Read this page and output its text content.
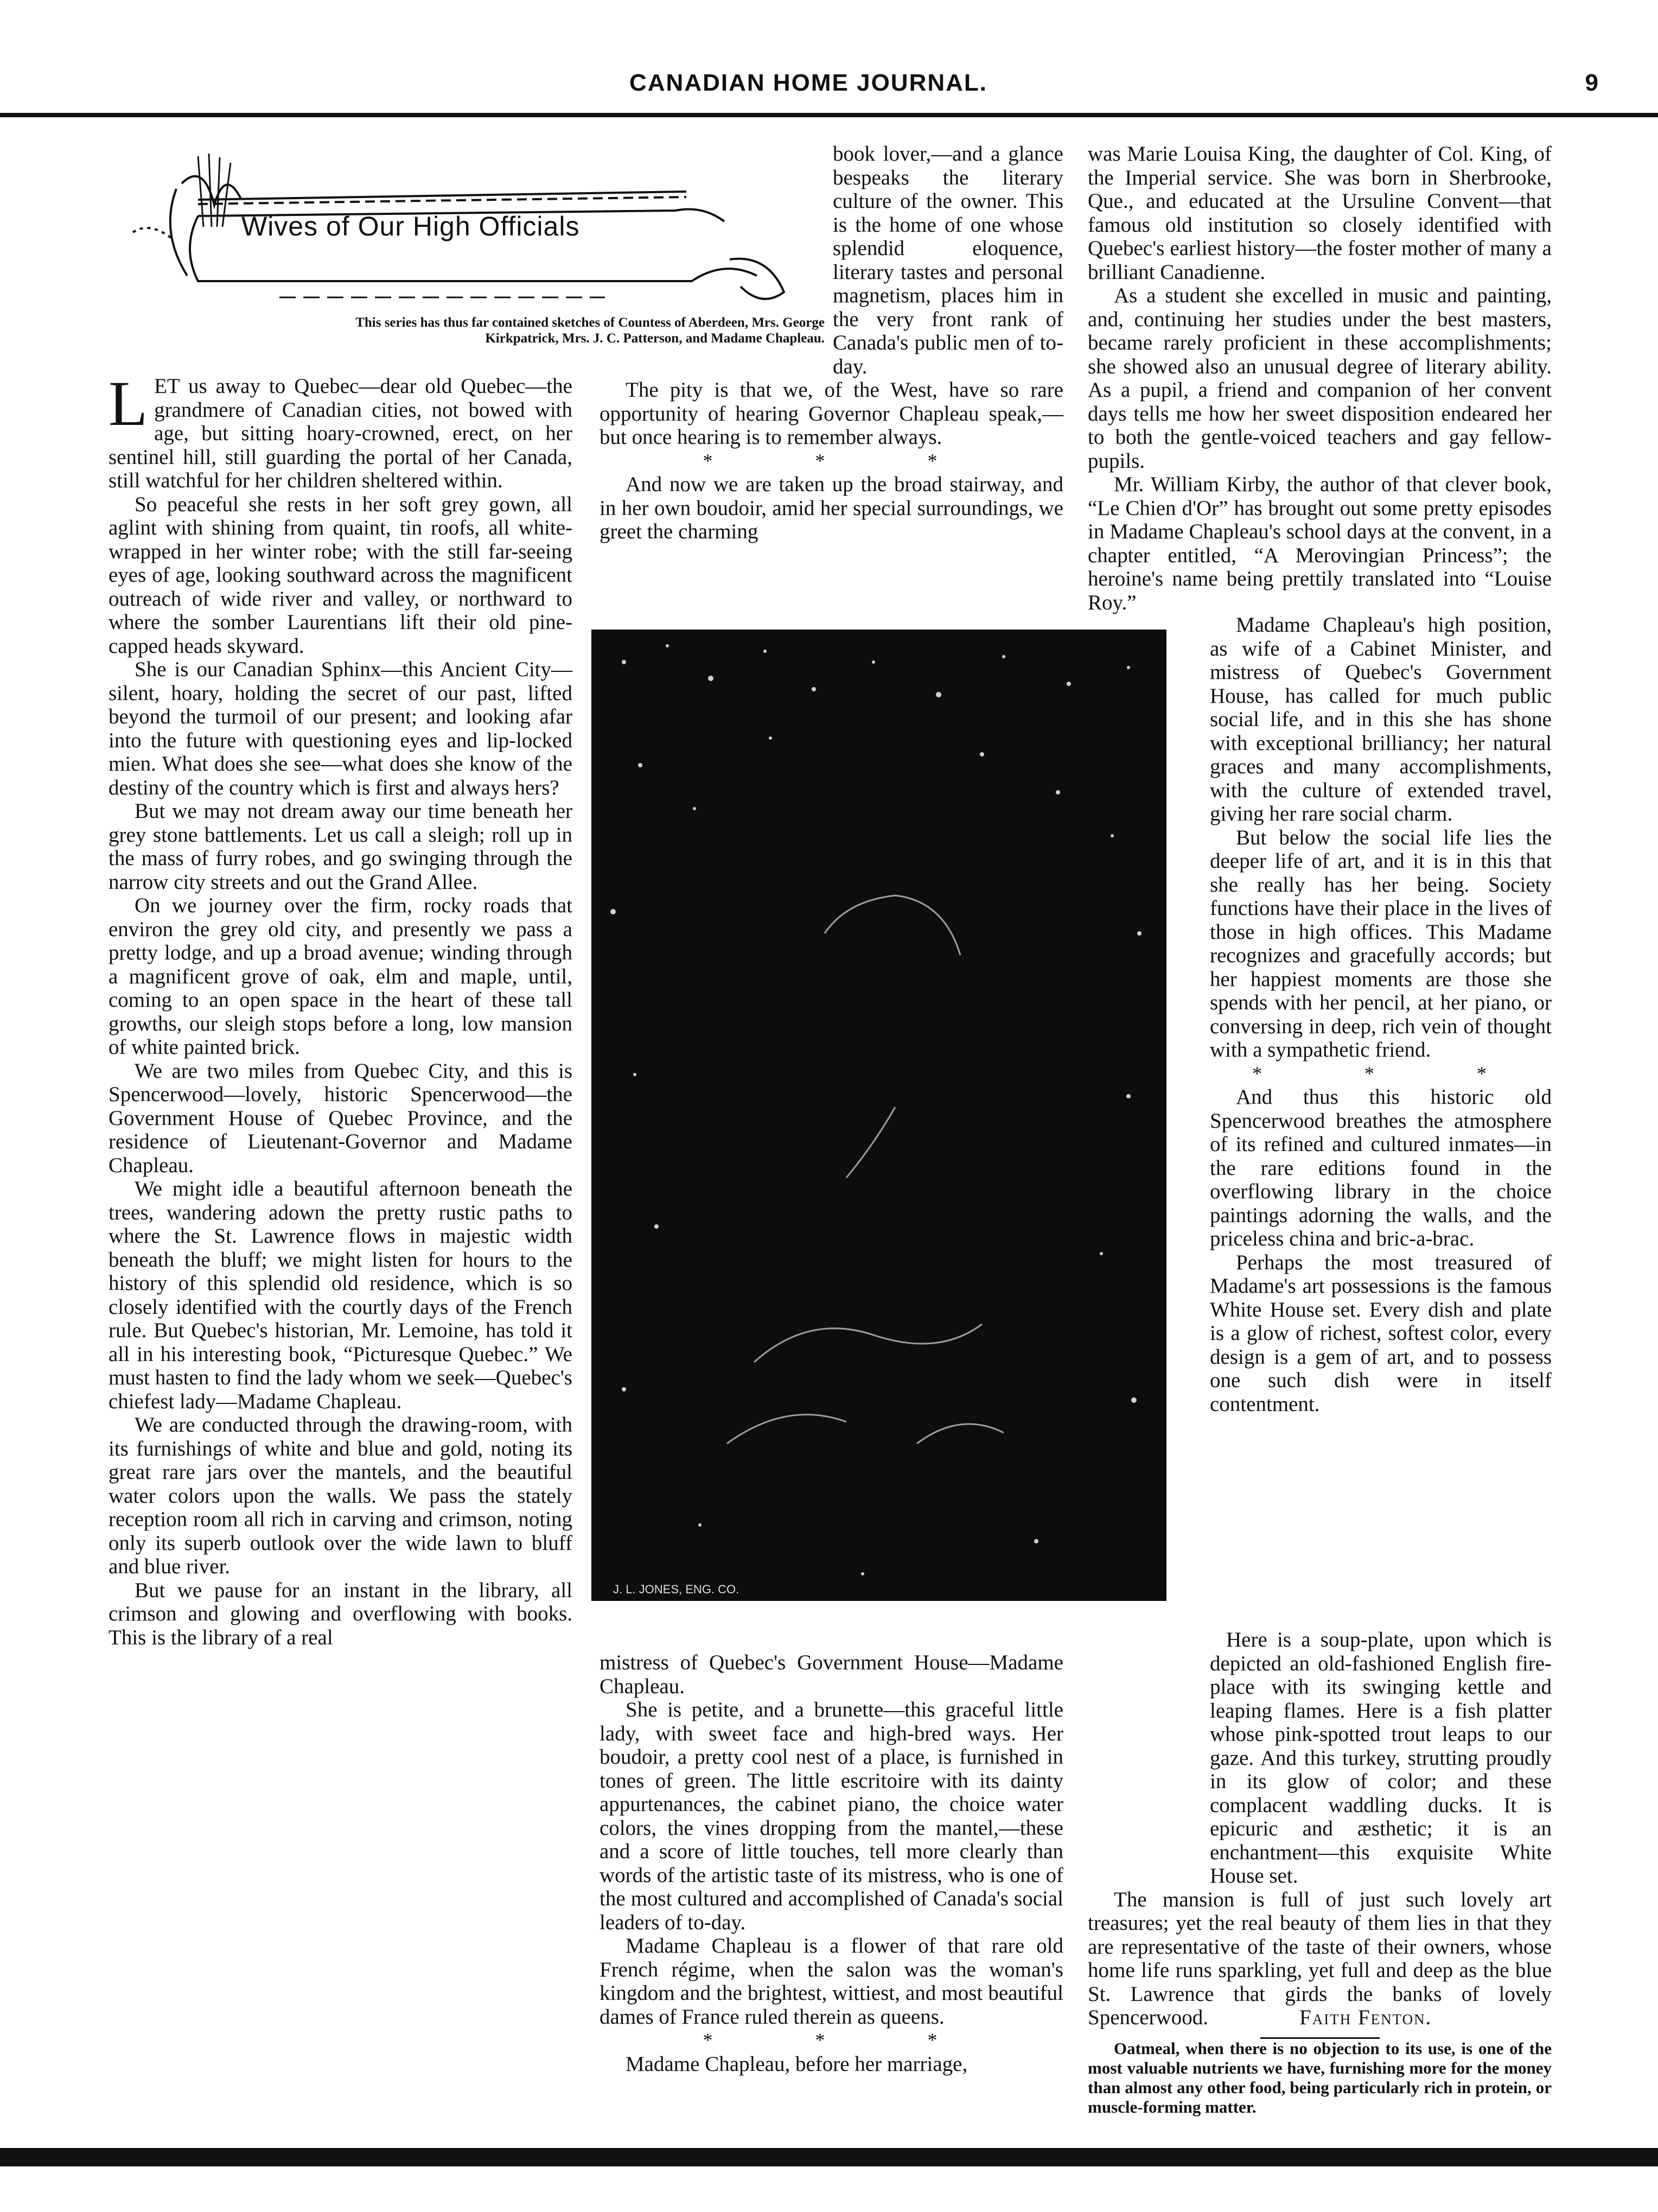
CANADIAN HOME JOURNAL.	9
Wives of Our High Officials
This series has thus far contained sketches of Countess of Aberdeen, Mrs. George Kirkpatrick, Mrs. J. C. Patterson, and Madame Chapleau.
J. L. JONES, ENG. CO.

LET us away to Quebec—dear old Quebec—the grandmere of Canadian cities, not bowed with age, but sitting hoary-crowned, erect, on her sentinel hill, still guarding the portal of her Canada, still watchful for her children sheltered within.

So peaceful she rests in her soft grey gown, all aglint with shining from quaint, tin roofs, all white-wrapped in her winter robe; with the still far-seeing eyes of age, looking southward across the magnificent outreach of wide river and valley, or northward to where the somber Laurentians lift their old pine-capped heads skyward.

She is our Canadian Sphinx—this Ancient City—silent, hoary, holding the secret of our past, lifted beyond the turmoil of our present; and looking afar into the future with questioning eyes and lip-locked mien. What does she see—what does she know of the destiny of the country which is first and always hers?

But we may not dream away our time beneath her grey stone battlements. Let us call a sleigh; roll up in the mass of furry robes, and go swinging through the narrow city streets and out the Grand Allee.

On we journey over the firm, rocky roads that environ the grey old city, and presently we pass a pretty lodge, and up a broad avenue; winding through a magnificent grove of oak, elm and maple, until, coming to an open space in the heart of these tall growths, our sleigh stops before a long, low mansion of white painted brick.

We are two miles from Quebec City, and this is Spencerwood—lovely, historic Spencerwood—the Government House of Quebec Province, and the residence of Lieutenant-Governor and Madame Chapleau.

We might idle a beautiful afternoon beneath the trees, wandering adown the pretty rustic paths to where the St. Lawrence flows in majestic width beneath the bluff; we might listen for hours to the history of this splendid old residence, which is so closely identified with the courtly days of the French rule. But Quebec's historian, Mr. Lemoine, has told it all in his interesting book, “Picturesque Quebec.” We must hasten to find the lady whom we seek—Quebec's chiefest lady—Madame Chapleau.

We are conducted through the drawing-room, with its furnishings of white and blue and gold, noting its great rare jars over the mantels, and the beautiful water colors upon the walls. We pass the stately reception room all rich in carving and crimson, noting only its superb outlook over the wide lawn to bluff and blue river.

But we pause for an instant in the library, all crimson and glowing and overflowing with books. This is the library of a real

book lover,—and a glance bespeaks the literary culture of the owner. This is the home of one whose splendid eloquence, literary tastes and personal magnetism, places him in the very front rank of Canada's public men of to-day.

The pity is that we, of the West, have so rare opportunity of hearing Governor Chapleau speak,—but once hearing is to remember always.

* * *

And now we are taken up the broad stairway, and in her own boudoir, amid her special surroundings, we greet the charming

mistress of Quebec's Government House—Madame Chapleau.

She is petite, and a brunette—this graceful little lady, with sweet face and high-bred ways. Her boudoir, a pretty cool nest of a place, is furnished in tones of green. The little escritoire with its dainty appurtenances, the cabinet piano, the choice water colors, the vines dropping from the mantel,—these and a score of little touches, tell more clearly than words of the artistic taste of its mistress, who is one of the most cultured and accomplished of Canada's social leaders of to-day.

Madame Chapleau is a flower of that rare old French régime, when the salon was the woman's kingdom and the brightest, wittiest, and most beautiful dames of France ruled therein as queens.

* * *

Madame Chapleau, before her marriage,

was Marie Louisa King, the daughter of Col. King, of the Imperial service. She was born in Sherbrooke, Que., and educated at the Ursuline Convent—that famous old institution so closely identified with Quebec's earliest history—the foster mother of many a brilliant Canadienne.

As a student she excelled in music and painting, and, continuing her studies under the best masters, became rarely proficient in these accomplishments; she showed also an unusual degree of literary ability. As a pupil, a friend and companion of her convent days tells me how her sweet disposition endeared her to both the gentle-voiced teachers and gay fellow-pupils.

Mr. William Kirby, the author of that clever book, “Le Chien d'Or” has brought out some pretty episodes in Madame Chapleau's school days at the convent, in a chapter entitled, “A Merovingian Princess”; the heroine's name being prettily translated into “Louise Roy.”

Madame Chapleau's high position, as wife of a Cabinet Minister, and mistress of Quebec's Government House, has called for much public social life, and in this she has shone with exceptional brilliancy; her natural graces and many accomplishments, with the culture of extended travel, giving her rare social charm.

But below the social life lies the deeper life of art, and it is in this that she really has her being. Society functions have their place in the lives of those in high offices. This Madame recognizes and gracefully accords; but her happiest moments are those she spends with her pencil, at her piano, or conversing in deep, rich vein of thought with a sympathetic friend.

* * *

And thus this historic old Spencerwood breathes the atmosphere of its refined and cultured inmates—in the rare editions found in the overflowing library in the choice paintings adorning the walls, and the priceless china and bric-a-brac.

Perhaps the most treasured of Madame's art possessions is the famous White House set. Every dish and plate is a glow of richest, softest color, every design is a gem of art, and to possess one such dish were in itself contentment.

Here is a soup-plate, upon which is depicted an old-fashioned English fire-place with its swinging kettle and leaping flames. Here is a fish platter whose pink-spotted trout leaps to our gaze. And this turkey, strutting proudly in its glow of color; and these complacent waddling ducks. It is epicuric and æsthetic; it is an enchantment—this exquisite White House set.

The mansion is full of just such lovely art treasures; yet the real beauty of them lies in that they are representative of the taste of their owners, whose home life runs sparkling, yet full and deep as the blue St. Lawrence that girds the banks of lovely Spencerwood.	Faith Fenton.

Oatmeal, when there is no objection to its use, is one of the most valuable nutrients we have, furnishing more for the money than almost any other food, being particularly rich in protein, or muscle-forming matter.
